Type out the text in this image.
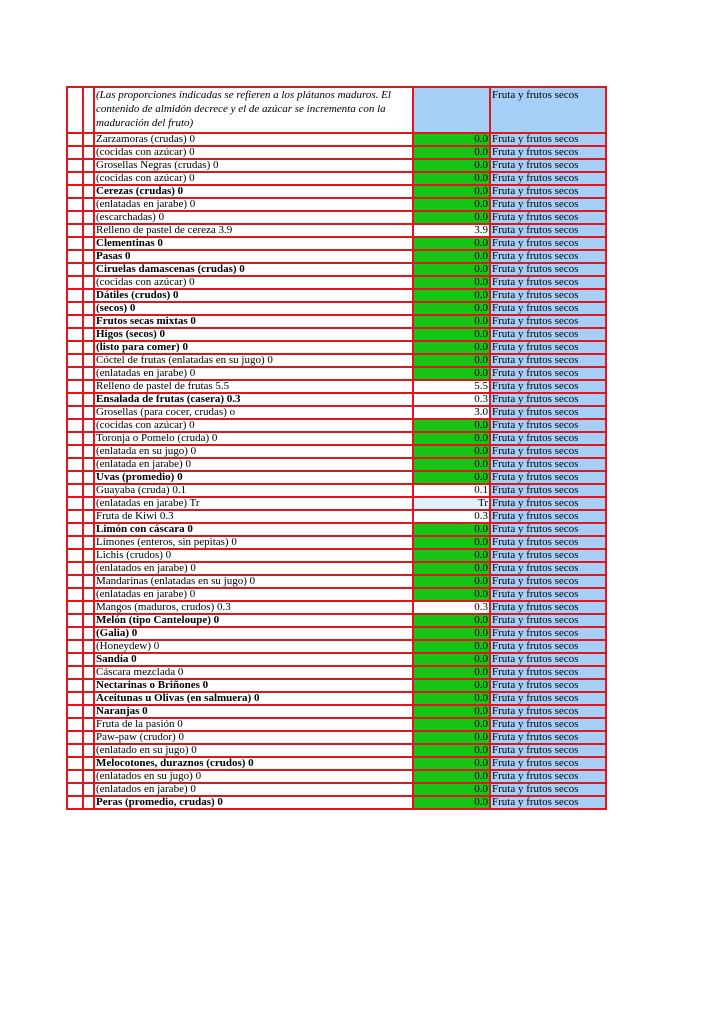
		(Las proporciones indicadas se refieren a los plátanos maduros. El contenido de almidón decrece y el de azúcar se incrementa con la maduración del fruto)		Fruta y frutos secos
		Zarzamoras (crudas) 0	0.0	Fruta y frutos secos
		(cocidas con azúcar) 0	0.0	Fruta y frutos secos
		Grosellas Negras (crudas) 0	0.0	Fruta y frutos secos
		(cocidas con azúcar) 0	0.0	Fruta y frutos secos
		Cerezas (crudas) 0	0.0	Fruta y frutos secos
		(enlatadas en jarabe) 0	0.0	Fruta y frutos secos
		(escarchadas) 0	0.0	Fruta y frutos secos
		Relleno de pastel de cereza 3.9	3.9	Fruta y frutos secos
		Clementinas 0	0.0	Fruta y frutos secos
		Pasas 0	0.0	Fruta y frutos secos
		Ciruelas damascenas (crudas) 0	0.0	Fruta y frutos secos
		(cocidas con azúcar) 0	0.0	Fruta y frutos secos
		Dátiles (crudos) 0	0.0	Fruta y frutos secos
		(secos) 0	0.0	Fruta y frutos secos
		Frutos secas mixtas 0	0.0	Fruta y frutos secos
		Higos (secos) 0	0.0	Fruta y frutos secos
		(listo para comer) 0	0.0	Fruta y frutos secos
		Cóctel de frutas (enlatadas en su jugo) 0	0.0	Fruta y frutos secos
		(enlatadas en jarabe) 0	0.0	Fruta y frutos secos
		Relleno de pastel de frutas 5.5	5.5	Fruta y frutos secos
		Ensalada de frutas (casera) 0.3	0.3	Fruta y frutos secos
		Grosellas (para cocer, crudas) o	3.0	Fruta y frutos secos
		(cocidas con azúcar) 0	0.0	Fruta y frutos secos
		Toronja o Pomelo (cruda) 0	0.0	Fruta y frutos secos
		(enlatada en su jugo) 0	0.0	Fruta y frutos secos
		(enlatada en jarabe) 0	0.0	Fruta y frutos secos
		Uvas (promedio) 0	0.0	Fruta y frutos secos
		Guayaba (cruda) 0.1	0.1	Fruta y frutos secos
		(enlatadas en jarabe) Tr	Tr	Fruta y frutos secos
		Fruta de Kiwi 0.3	0.3	Fruta y frutos secos
		Limón con cáscara 0	0.0	Fruta y frutos secos
		Limones (enteros, sin pepitas) 0	0.0	Fruta y frutos secos
		Lichis (crudos) 0	0.0	Fruta y frutos secos
		(enlatados en jarabe) 0	0.0	Fruta y frutos secos
		Mandarinas (enlatadas en su jugo) 0	0.0	Fruta y frutos secos
		(enlatadas en jarabe) 0	0.0	Fruta y frutos secos
		Mangos (maduros, crudos) 0.3	0.3	Fruta y frutos secos
		Melón (tipo Canteloupe) 0	0.0	Fruta y frutos secos
		(Galia) 0	0.0	Fruta y frutos secos
		(Honeydew) 0	0.0	Fruta y frutos secos
		Sandía 0	0.0	Fruta y frutos secos
		Cáscara mezclada 0	0.0	Fruta y frutos secos
		Nectarinas o Briñones 0	0.0	Fruta y frutos secos
		Aceitunas u Olivas (en salmuera) 0	0.0	Fruta y frutos secos
		Naranjas 0	0.0	Fruta y frutos secos
		Fruta de la pasión 0	0.0	Fruta y frutos secos
		Paw-paw (crudor) 0	0.0	Fruta y frutos secos
		(enlatado en su jugo) 0	0.0	Fruta y frutos secos
		Melocotones, duraznos (crudos) 0	0.0	Fruta y frutos secos
		(enlatados en su jugo) 0	0.0	Fruta y frutos secos
		(enlatados en jarabe) 0	0.0	Fruta y frutos secos
		Peras (promedio, crudas) 0	0.0	Fruta y frutos secos
